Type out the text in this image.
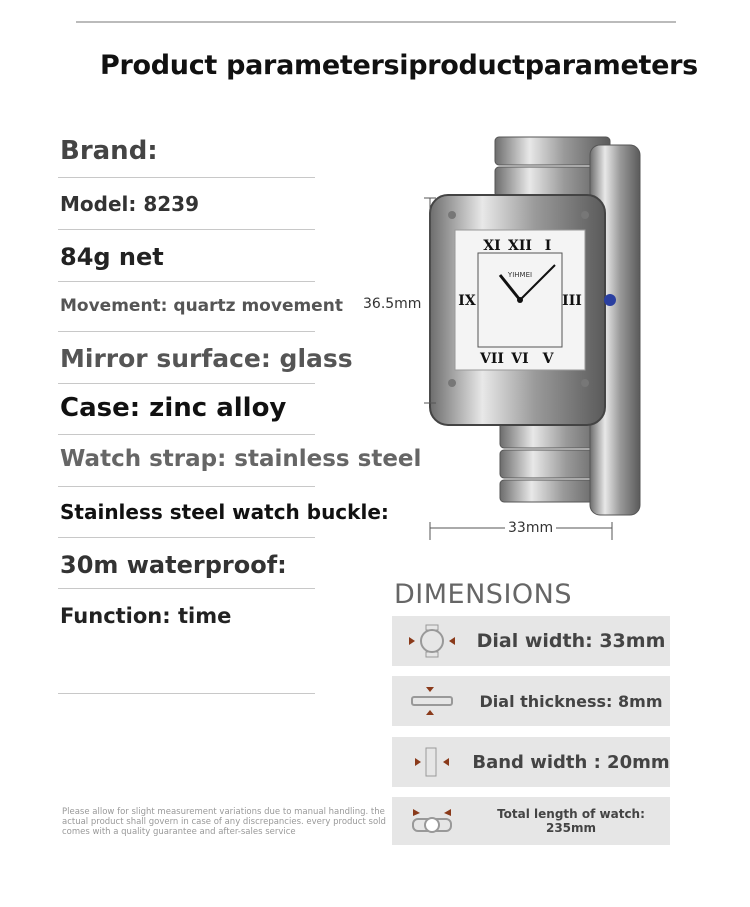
Product parametersiproductparameters
Brand:
Model: 8239
84g net
Movement: quartz movement
Mirror surface: glass
Case: zinc alloy
Watch strap: stainless steel
Stainless steel watch buckle:
30m waterproof:
Function: time
YIHMEI
XI XII I
IX	III
VII VI V
36.5mm
33mm
Please allow for slight measurement variations due to manual handling. the actual product shall govern in case of any discrepancies. every product sold comes with a quality guarantee and after-sales service
DIMENSIONS
Dial width: 33mm
Dial thickness: 8mm
Band width : 20mm
Total length of watch: 235mm
